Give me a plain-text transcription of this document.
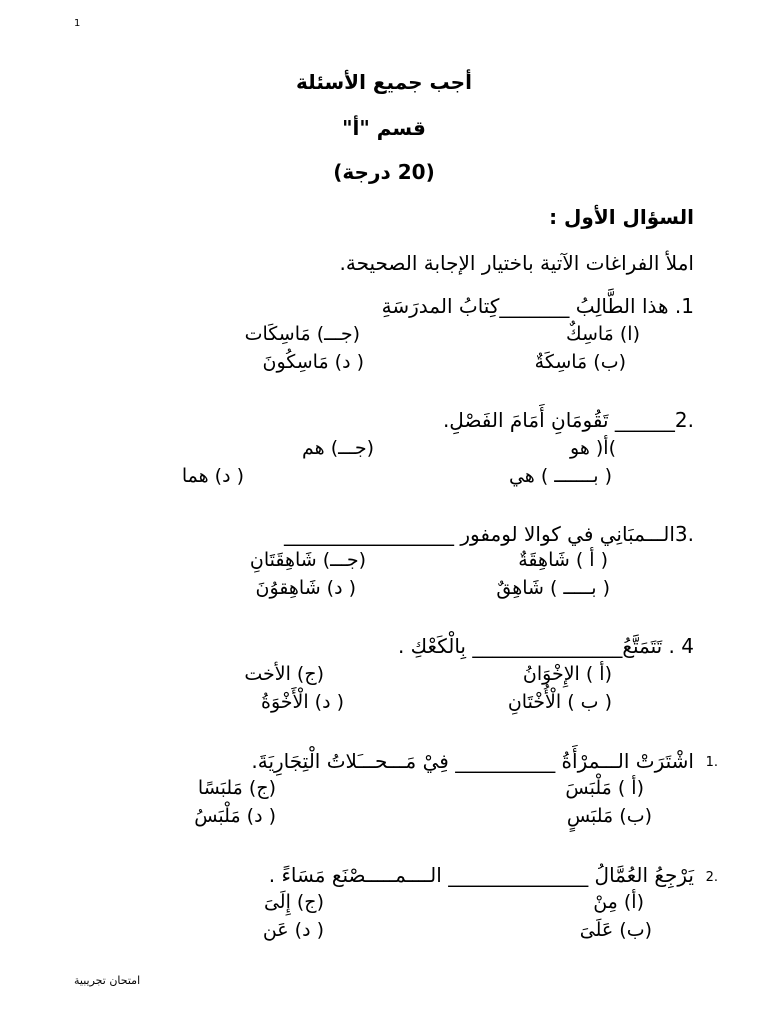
1
أجب جميع الأسئلة
قسم "أ"
(20 درجة)
السؤال الأول :
املأ الفراغات الآتية باختيار الإجابة الصحيحة.
1. هذا الطَّالِبُ _______كِتابُ المدرَسَةِ
(ا) مَاسِكٌ
(جـــ) مَاسِكَات
(ب) مَاسِكَةٌ
( د) مَاسِكُونَ
.2______ تَقُومَانِ أَمَامَ الفَصْلِ.
)أ( هو
(جـــ) هم
( بـــــــ ) هي
( د) هما
.3الـــمبَانِي في كوالا لومفور _________________
( أ ) شَاهِقَةٌ
(جـــ) شَاهِقَتَانِ
( بـــــ ) شَاهِقٌ
( د) شَاهِقوُنَ
4 . تَتَمَتَّعُ_______________ بِالْكَعْكِ .
(أ ) الإِخْوَانُ
(ج) الأخت
( ب ) الْأُخْتَانِ
( د) الْأَخْوَةُ
1.
اشْتَرَتْ الـــمرْأَةُ __________ فِيْ مَـــحـــَلاتُ الْتِجَارِيَةَ.
(أ ) مَلْبَسَ
(ج) مَلبَسًا
(ب) مَلبَسٍ
( د) مَلْبَسُ
2.
يَرْجِعُ العُمَّالُ ______________ الــــمـــــصْنَع مَسَاءً .
(أ) مِنْ
(ج) إِلَىَ
(ب) عَلَىَ
( د) عَن
امتحان تجريبية
